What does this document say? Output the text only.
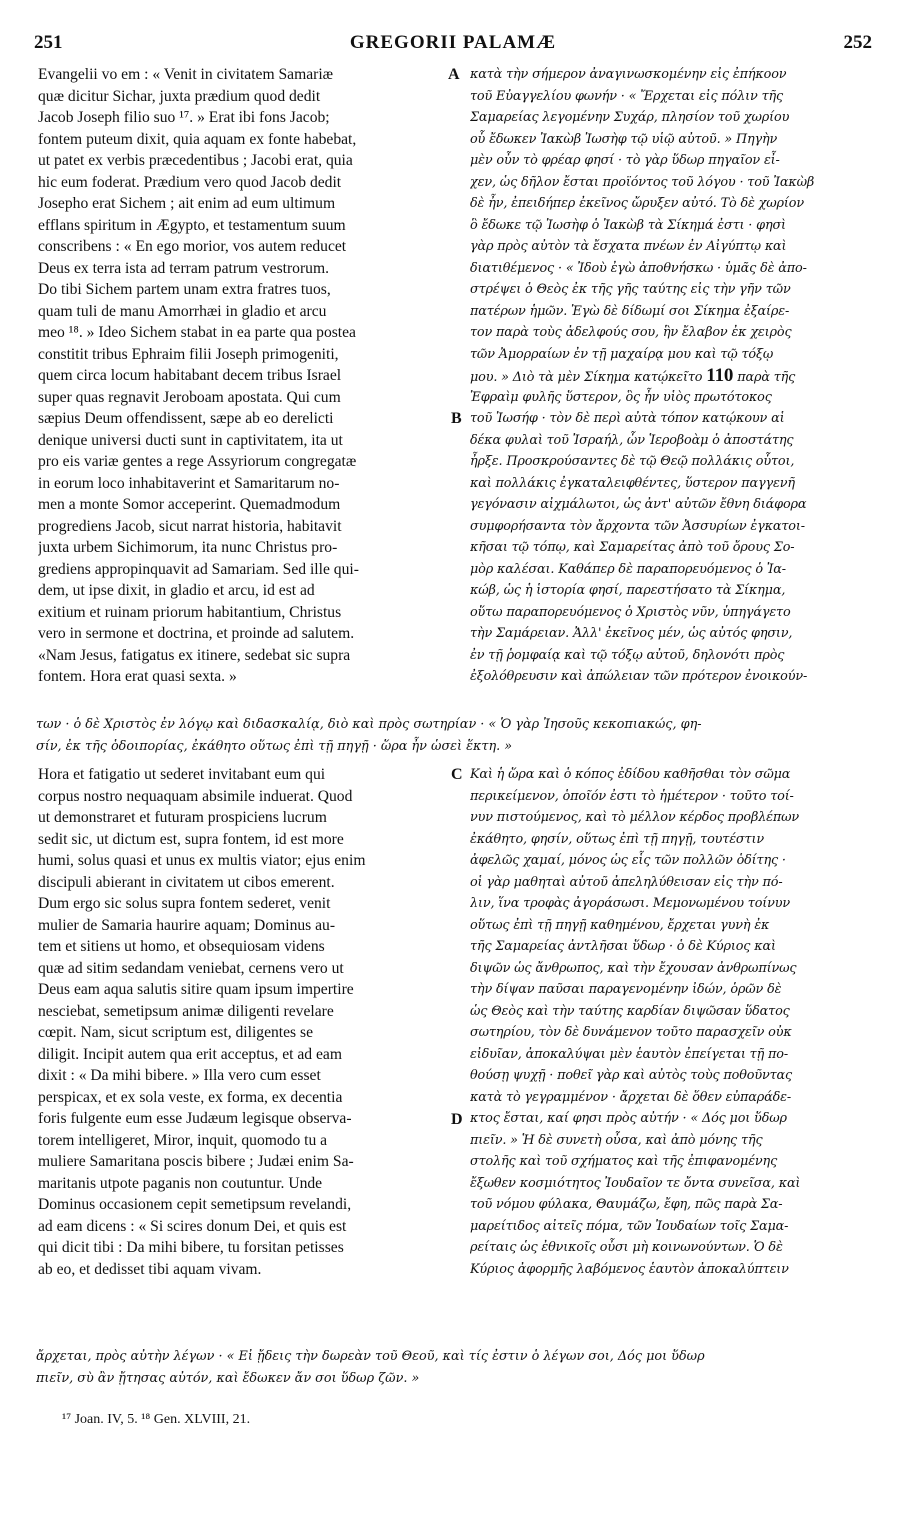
251	GREGORII PALAMÆ	252
Evangelii vo em : « Venit in civitatem Samariæ
quæ dicitur Sichar, juxta prædium quod dedit
Jacob Joseph filio suo ¹⁷. » Erat ibi fons Jacob;
fontem puteum dixit, quia aquam ex fonte habebat,
ut patet ex verbis præcedentibus ; Jacobi erat, quia
hic eum foderat. Prædium vero quod Jacob dedit
Josepho erat Sichem ; ait enim ad eum ultimum
efflans spiritum in Ægypto, et testamentum suum
conscribens : « En ego morior, vos autem reducet
Deus ex terra ista ad terram patrum vestrorum.
Do tibi Sichem partem unam extra fratres tuos,
quam tuli de manu Amorrhæi in gladio et arcu
meo ¹⁸. » Ideo Sichem stabat in ea parte qua postea
constitit tribus Ephraim filii Joseph primogeniti,
quem circa locum habitabant decem tribus Israel
super quas regnavit Jeroboam apostata. Qui cum
sæpius Deum offendissent, sæpe ab eo derelicti
denique universi ducti sunt in captivitatem, ita ut
pro eis variæ gentes a rege Assyriorum congregatæ
in eorum loco inhabitaverint et Samaritarum no-
men a monte Somor acceperint. Quemadmodum
progrediens Jacob, sicut narrat historia, habitavit
juxta urbem Sichimorum, ita nunc Christus pro-
grediens appropinquavit ad Samariam. Sed ille qui-
dem, ut ipse dixit, in gladio et arcu, id est ad
exitium et ruinam priorum habitantium, Christus
vero in sermone et doctrina, et proinde ad salutem.
«Nam Jesus, fatigatus ex itinere, sedebat sic supra
fontem. Hora erat quasi sexta. »
κατὰ τὴν σήμερον ἀναγινωσκομένην εἰς ἐπήκοον
τοῦ Εὐαγγελίου φωνήν · « Ἔρχεται εἰς πόλιν τῆς
Σαμαρείας λεγομένην Συχάρ, πλησίον τοῦ χωρίου
οὗ ἔδωκεν Ἰακὼβ Ἰωσὴφ τῷ υἱῷ αὐτοῦ. » Πηγὴν
μὲν οὖν τὸ φρέαρ φησί · τὸ γὰρ ὕδωρ πηγαῖον εἶ-
χεν, ὡς δῆλον ἔσται προϊόντος τοῦ λόγου · τοῦ Ἰακὼβ
δὲ ἦν, ἐπειδήπερ ἐκεῖνος ὤρυξεν αὐτό. Τὸ δὲ χωρίον
ὃ ἔδωκε τῷ Ἰωσὴφ ὁ Ἰακὼβ τὰ Σίκημά ἐστι · φησὶ
γὰρ πρὸς αὐτὸν τὰ ἔσχατα πνέων ἐν Αἰγύπτῳ καὶ
διατιθέμενος · « Ἰδοὺ ἐγὼ ἀποθνήσκω · ὑμᾶς δὲ ἀπο-
στρέψει ὁ Θεὸς ἐκ τῆς γῆς ταύτης εἰς τὴν γῆν τῶν
πατέρων ἡμῶν. Ἐγὼ δὲ δίδωμί σοι Σίκημα ἐξαίρε-
τον παρὰ τοὺς ἀδελφούς σου, ἣν ἔλαβον ἐκ χειρὸς
τῶν Ἀμορραίων ἐν τῇ μαχαίρᾳ μου καὶ τῷ τόξῳ
μου. » Διὸ τὰ μὲν Σίκημα κατῴκεῖτο 110 παρὰ τῆς
Ἐφραὶμ φυλῆς ὕστερον, ὃς ἦν υἱὸς πρωτότοκος
τοῦ Ἰωσήφ · τὸν δὲ περὶ αὐτὰ τόπον κατῴκουν αἱ
δέκα φυλαὶ τοῦ Ἰσραήλ, ὧν Ἱεροβοὰμ ὁ ἀποστάτης
ἦρξε. Προσκρούσαντες δὲ τῷ Θεῷ πολλάκις οὗτοι,
καὶ πολλάκις ἐγκαταλειφθέντες, ὕστερον παγγενῆ
γεγόνασιν αἰχμάλωτοι, ὡς ἀντ' αὐτῶν ἔθνη διάφορα
συμφορήσαντα τὸν ἄρχοντα τῶν Ἀσσυρίων ἐγκατοι-
κῆσαι τῷ τόπῳ, καὶ Σαμαρείτας ἀπὸ τοῦ ὄρους Σο-
μὸρ καλέσαι. Καθάπερ δὲ παραπορευόμενος ὁ Ἰα-
κώβ, ὡς ἡ ἱστορία φησί, παρεστήσατο τὰ Σίκημα,
οὕτω παραπορευόμενος ὁ Χριστὸς νῦν, ὑπηγάγετο
τὴν Σαμάρειαν. Ἀλλ' ἐκεῖνος μέν, ὡς αὐτός φησιν,
ἐν τῇ ῥομφαίᾳ καὶ τῷ τόξῳ αὐτοῦ, δηλονότι πρὸς
ἐξολόθρευσιν καὶ ἀπώλειαν τῶν πρότερον ἐνοικούν-
A
B
των · ὁ δὲ Χριστὸς ἐν λόγῳ καὶ διδασκαλίᾳ, διὸ καὶ πρὸς σωτηρίαν · « Ὁ γὰρ Ἰησοῦς κεκοπιακώς, φη-
σίν, ἐκ τῆς ὁδοιπορίας, ἐκάθητο οὕτως ἐπὶ τῇ πηγῇ · ὥρα ἦν ὡσεὶ ἕκτη. »
Hora et fatigatio ut sederet invitabant eum qui
corpus nostro nequaquam absimile induerat. Quod
ut demonstraret et futuram prospiciens lucrum
sedit sic, ut dictum est, supra fontem, id est more
humi, solus quasi et unus ex multis viator; ejus enim
discipuli abierant in civitatem ut cibos emerent.
Dum ergo sic solus supra fontem sederet, venit
mulier de Samaria haurire aquam; Dominus au-
tem et sitiens ut homo, et obsequiosam videns
quæ ad sitim sedandam veniebat, cernens vero ut
Deus eam aqua salutis sitire quam ipsum impertire
nesciebat, semetipsum animæ diligenti revelare
cœpit. Nam, sicut scriptum est, diligentes se
diligit. Incipit autem qua erit acceptus, et ad eam
dixit : « Da mihi bibere. » Illa vero cum esset
perspicax, et ex sola veste, ex forma, ex decentia
foris fulgente eum esse Judæum legisque observa-
torem intelligeret, Miror, inquit, quomodo tu a
muliere Samaritana poscis bibere ; Judæi enim Sa-
maritanis utpote paganis non coutuntur. Unde
Dominus occasionem cepit semetipsum revelandi,
ad eam dicens : « Si scires donum Dei, et quis est
qui dicit tibi : Da mihi bibere, tu forsitan petisses
ab eo, et dedisset tibi aquam vivam.
Καὶ ἡ ὥρα καὶ ὁ κόπος ἐδίδου καθῆσθαι τὸν σῶμα
περικείμενον, ὁποῖόν ἐστι τὸ ἡμέτερον · τοῦτο τοί-
νυν πιστούμενος, καὶ τὸ μέλλον κέρδος προβλέπων
ἐκάθητο, φησίν, οὕτως ἐπὶ τῇ πηγῇ, τουτέστιν
ἀφελῶς χαμαί, μόνος ὡς εἷς τῶν πολλῶν ὁδίτης ·
οἱ γὰρ μαθηταὶ αὐτοῦ ἀπεληλύθεισαν εἰς τὴν πό-
λιν, ἵνα τροφὰς ἀγοράσωσι. Μεμονωμένου τοίνυν
οὕτως ἐπὶ τῇ πηγῇ καθημένου, ἔρχεται γυνὴ ἐκ
τῆς Σαμαρείας ἀντλῆσαι ὕδωρ · ὁ δὲ Κύριος καὶ
διψῶν ὡς ἄνθρωπος, καὶ τὴν ἔχουσαν ἀνθρωπίνως
τὴν δίψαν παῦσαι παραγενομένην ἰδών, ὁρῶν δὲ
ὡς Θεὸς καὶ τὴν ταύτης καρδίαν διψῶσαν ὕδατος
σωτηρίου, τὸν δὲ δυνάμενον τοῦτο παρασχεῖν οὐκ
εἰδυῖαν, ἀποκαλύψαι μὲν ἑαυτὸν ἐπείγεται τῇ πο-
θούσῃ ψυχῇ · ποθεῖ γὰρ καὶ αὐτὸς τοὺς ποθοῦντας
κατὰ τὸ γεγραμμένον · ἄρχεται δὲ ὅθεν εὐπαράδε-
κτος ἔσται, καί φησι πρὸς αὐτήν · « Δός μοι ὕδωρ
πιεῖν. » Ἡ δὲ συνετὴ οὖσα, καὶ ἀπὸ μόνης τῆς
στολῆς καὶ τοῦ σχήματος καὶ τῆς ἐπιφανομένης
ἔξωθεν κοσμιότητος Ἰουδαῖον τε ὄντα συνεῖσα, καὶ
τοῦ νόμου φύλακα, Θαυμάζω, ἔφη, πῶς παρὰ Σα-
μαρείτιδος αἰτεῖς πόμα, τῶν Ἰουδαίων τοῖς Σαμα-
ρείταις ὡς ἐθνικοῖς οὖσι μὴ κοινωνούντων. Ὁ δὲ
Κύριος ἀφορμῆς λαβόμενος ἑαυτὸν ἀποκαλύπτειν
C
D
ἄρχεται, πρὸς αὐτὴν λέγων · « Εἰ ᾔδεις τὴν δωρεὰν τοῦ Θεοῦ, καὶ τίς ἐστιν ὁ λέγων σοι, Δός μοι ὕδωρ
πιεῖν, σὺ ἂν ᾔτησας αὐτόν, καὶ ἔδωκεν ἄν σοι ὕδωρ ζῶν. »
¹⁷ Joan. IV, 5. ¹⁸ Gen. XLVIII, 21.
